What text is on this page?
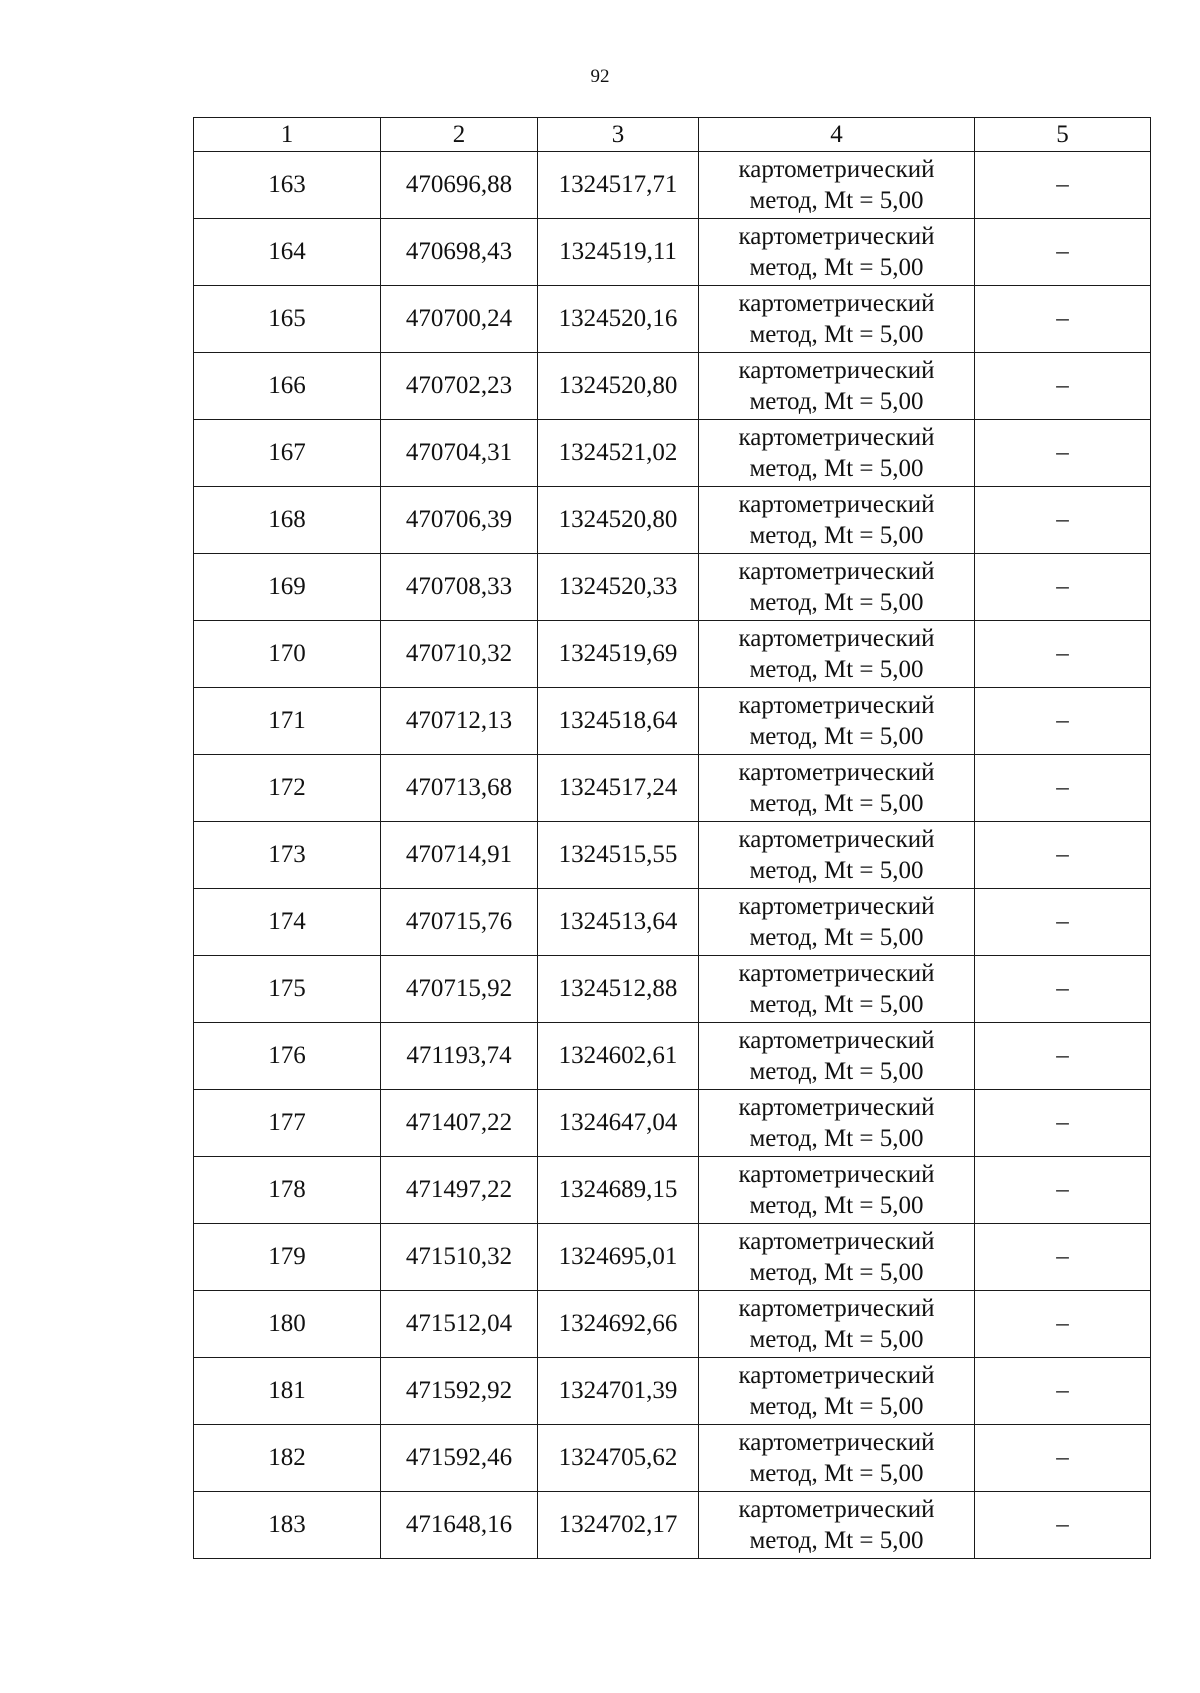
92
1	2	3	4	5
163	470696,88	1324517,71	картометрический
метод, Mt = 5,00	–
164	470698,43	1324519,11	картометрический
метод, Mt = 5,00	–
165	470700,24	1324520,16	картометрический
метод, Mt = 5,00	–
166	470702,23	1324520,80	картометрический
метод, Mt = 5,00	–
167	470704,31	1324521,02	картометрический
метод, Mt = 5,00	–
168	470706,39	1324520,80	картометрический
метод, Mt = 5,00	–
169	470708,33	1324520,33	картометрический
метод, Mt = 5,00	–
170	470710,32	1324519,69	картометрический
метод, Mt = 5,00	–
171	470712,13	1324518,64	картометрический
метод, Mt = 5,00	–
172	470713,68	1324517,24	картометрический
метод, Mt = 5,00	–
173	470714,91	1324515,55	картометрический
метод, Mt = 5,00	–
174	470715,76	1324513,64	картометрический
метод, Mt = 5,00	–
175	470715,92	1324512,88	картометрический
метод, Mt = 5,00	–
176	471193,74	1324602,61	картометрический
метод, Mt = 5,00	–
177	471407,22	1324647,04	картометрический
метод, Mt = 5,00	–
178	471497,22	1324689,15	картометрический
метод, Mt = 5,00	–
179	471510,32	1324695,01	картометрический
метод, Mt = 5,00	–
180	471512,04	1324692,66	картометрический
метод, Mt = 5,00	–
181	471592,92	1324701,39	картометрический
метод, Mt = 5,00	–
182	471592,46	1324705,62	картометрический
метод, Mt = 5,00	–
183	471648,16	1324702,17	картометрический
метод, Mt = 5,00	–
